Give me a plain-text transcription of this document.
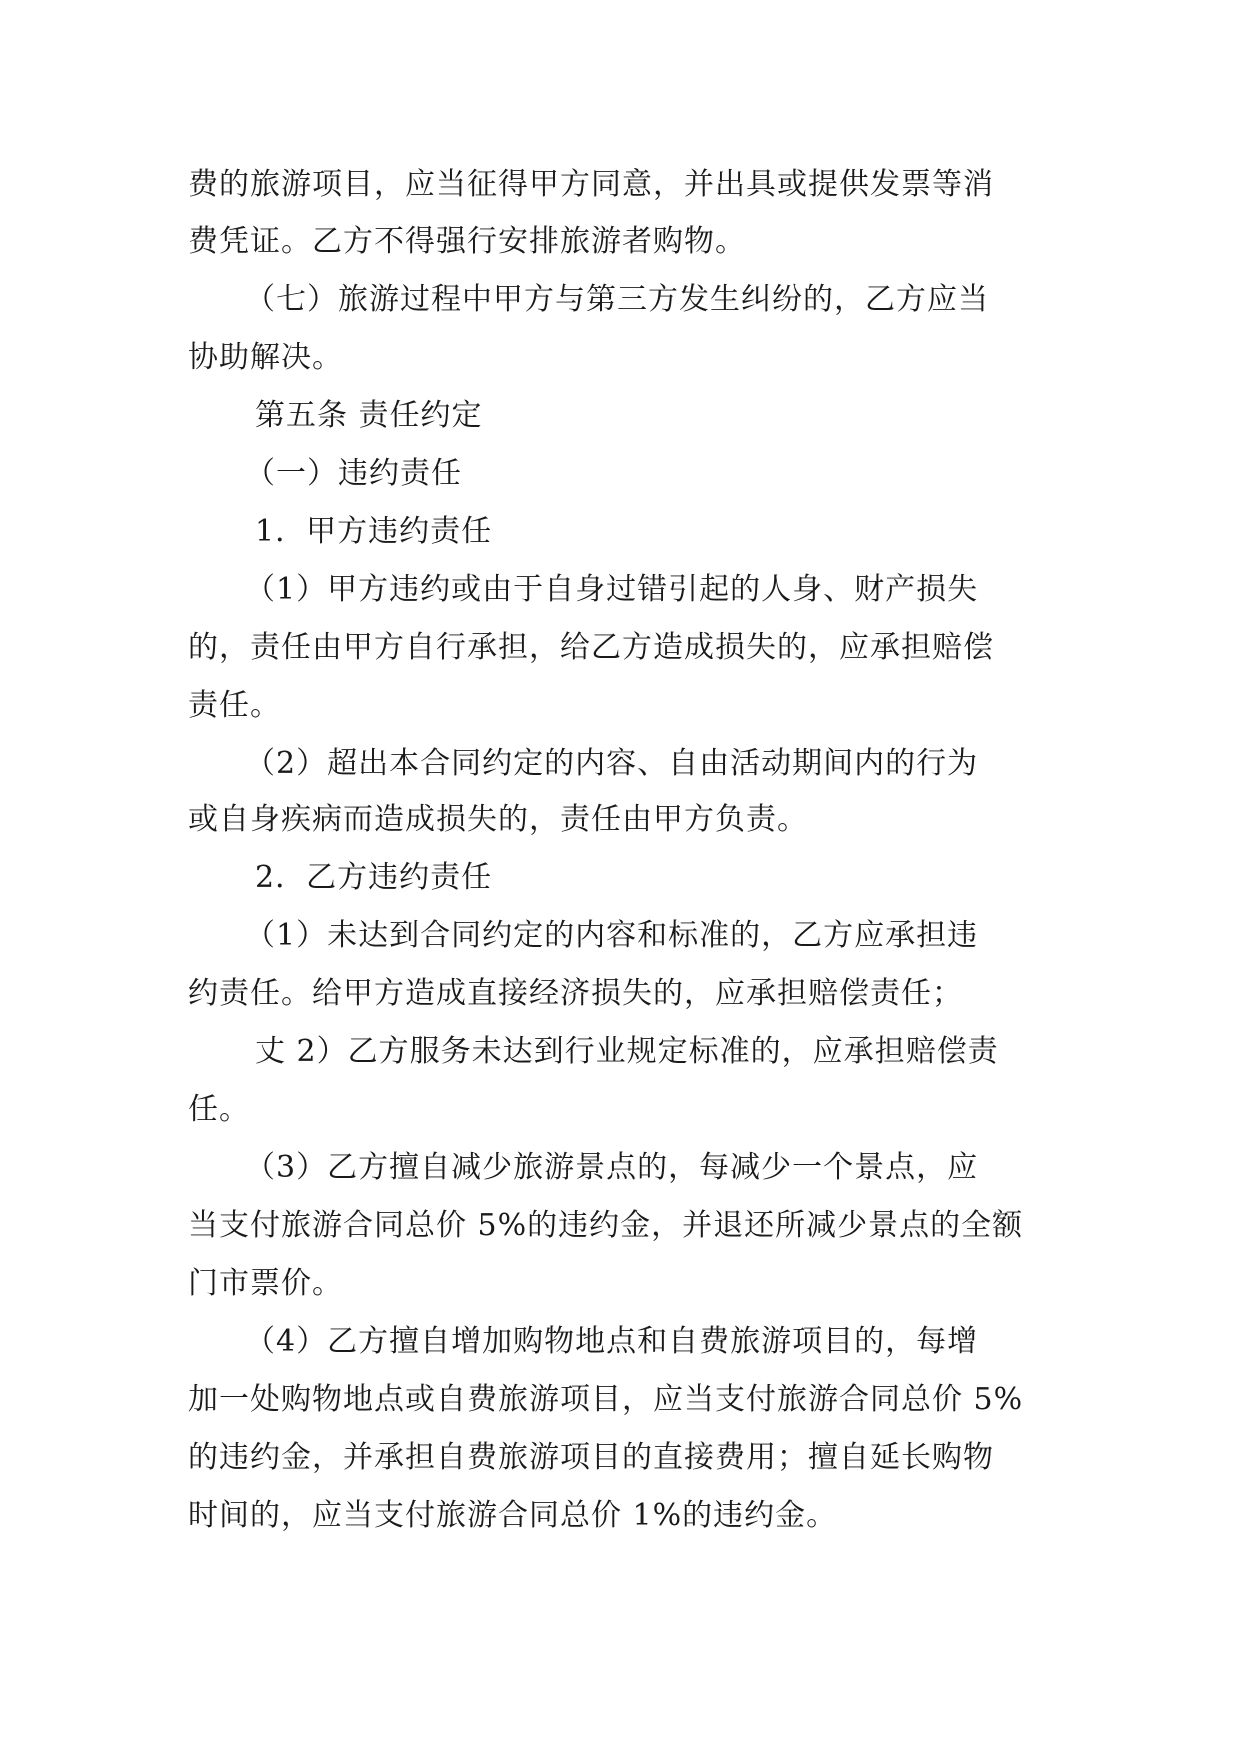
费的旅游项目，应当征得甲方同意，并出具或提供发票等消
费凭证。乙方不得强行安排旅游者购物。
（七）旅游过程中甲方与第三方发生纠纷的，乙方应当
协助解决。
第五条 责任约定
（一）违约责任
1．甲方违约责任
（1）甲方违约或由于自身过错引起的人身、财产损失
的，责任由甲方自行承担，给乙方造成损失的，应承担赔偿
责任。
（2）超出本合同约定的内容、自由活动期间内的行为
或自身疾病而造成损失的，责任由甲方负责。
2．乙方违约责任
（1）未达到合同约定的内容和标准的，乙方应承担违
约责任。给甲方造成直接经济损失的，应承担赔偿责任；
丈 2）乙方服务未达到行业规定标准的，应承担赔偿责
任。
（3）乙方擅自减少旅游景点的，每减少一个景点，应
当支付旅游合同总价 5%的违约金，并退还所减少景点的全额
门市票价。
（4）乙方擅自增加购物地点和自费旅游项目的，每增
加一处购物地点或自费旅游项目，应当支付旅游合同总价 5%
的违约金，并承担自费旅游项目的直接费用；擅自延长购物
时间的，应当支付旅游合同总价 1%的违约金。
